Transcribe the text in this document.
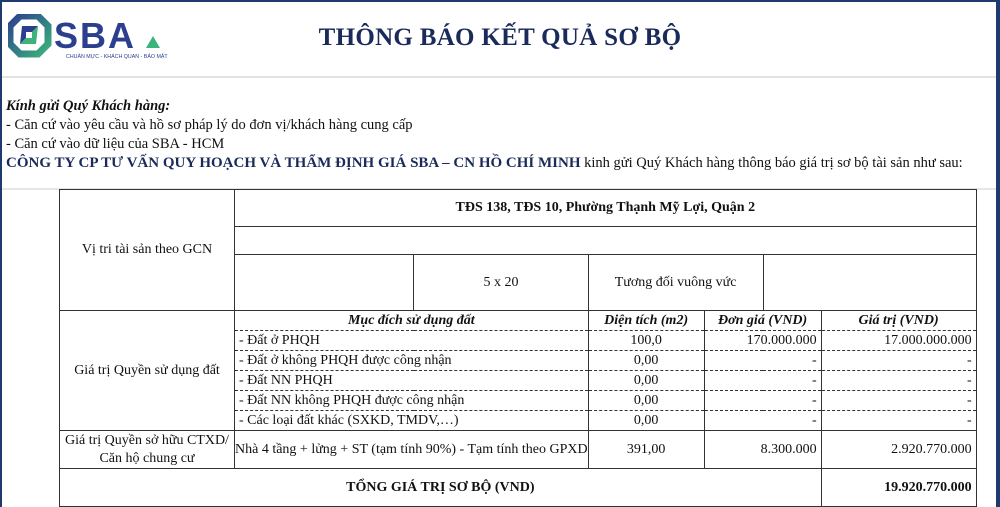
SBA
CHUẨN MỰC - KHÁCH QUAN - BẢO MẬT
THÔNG BÁO KẾT QUẢ SƠ BỘ
Kính gửi Quý Khách hàng:
- Căn cứ vào yêu cầu và hồ sơ pháp lý do đơn vị/khách hàng cung cấp
- Căn cứ vào dữ liệu của SBA - HCM
CÔNG TY CP TƯ VẤN QUY HOẠCH VÀ THẨM ĐỊNH GIÁ SBA – CN HỒ CHÍ MINH kinh gửi Quý Khách hàng thông báo giá trị sơ bộ tài sản như sau:
Vị tri tài sản theo GCN	TĐS 138, TĐS 10, Phường Thạnh Mỹ Lợi, Quận 2					

		5 x 20	Tương đối vuông vức			
Giá trị Quyền sử dụng đất	Mục đích sử dụng đất		Diện tích (m2)	Đơn giá (VND)		Giá trị (VND)
	- Đất ở PHQH		100,0	170.000.000		17.000.000.000
	- Đất ở không PHQH được công nhận		0,00	-		-
	- Đất NN PHQH		0,00	-		-
	- Đất NN không PHQH được công nhận		0,00	-		-
	- Các loại đất khác (SXKD, TMDV,…)		0,00	-		-

Giá trị Quyền sở hữu CTXD/
Căn hộ chung cư	Nhà 4 tầng + lửng + ST (tạm tính 90%) - Tạm tính theo GPXD		391,00	8.300.000		2.920.770.000
TỔNG GIÁ TRỊ SƠ BỘ (VND)						19.920.770.000
